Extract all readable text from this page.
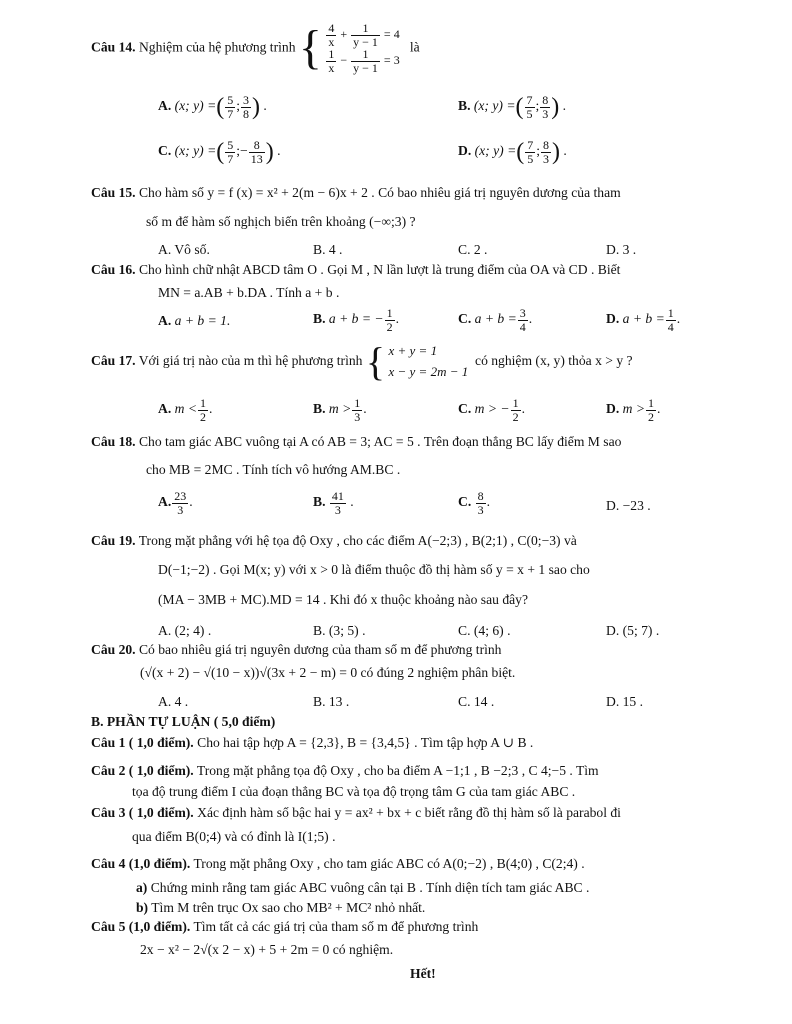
Câu 14. Nghiệm của hệ phương trình { $\frac{4}{x} + \frac{1}{y - 1} = 4$
$\frac{1}{x} - \frac{1}{y - 1} = 3$
là
A. (x; y) =( $\frac{5}{7}$ ; $\frac{3}{8}$ ) .	B. (x; y) =( $\frac{7}{5}$ ; $\frac{8}{3}$ ) .
C. (x; y) =( $\frac{5}{7}$ ;− $\frac{8}{13}$ ) .	D. (x; y) =( $\frac{7}{5}$ ; $\frac{8}{3}$ ) .
Câu 15. Cho hàm số y = f (x) = x² + 2(m − 6)x + 2 . Có bao nhiêu giá trị nguyên dương của tham
số m để hàm số nghịch biến trên khoảng (−∞;3) ?
A. Vô số.	B. 4 .	C. 2 .	D. 3 .
Câu 16. Cho hình chữ nhật ABCD tâm O . Gọi M , N lần lượt là trung điểm của OA và CD . Biết
MN = a.AB + b.DA . Tính a + b .
A. a + b = 1.	B. a + b = − $\frac{1}{2}$ .	C. $a + b = \frac{3}{4}$ .	D. $a + b = \frac{1}{4}$ .
Câu 17. Với giá trị nào của m thì hệ phương trình { x + y = 1
x − y = 2m − 1
có nghiệm (x, y) thỏa x > y ?
A. $m < \frac{1}{2}$ .	B. $m > \frac{1}{3}$ .	C. m > − $\frac{1}{2}$ .	D. $m > \frac{1}{2}$ .
Câu 18. Cho tam giác ABC vuông tại A có AB = 3; AC = 5 . Trên đoạn thẳng BC lấy điểm M sao
cho MB = 2MC . Tính tích vô hướng AM.BC .
A. $\frac{23}{3}$ .	B. $\frac{41}{3}$ .	C. $\frac{8}{3}$ .	D. −23 .
Câu 19. Trong mặt phẳng với hệ tọa độ Oxy , cho các điểm A(−2;3) , B(2;1) , C(0;−3) và
D(−1;−2) . Gọi M(x; y) với x > 0 là điểm thuộc đồ thị hàm số y = x + 1 sao cho
(MA − 3MB + MC).MD = 14 . Khi đó x thuộc khoảng nào sau đây?
A. (2; 4) .	B. (3; 5) .	C. (4; 6) .	D. (5; 7) .
Câu 20. Có bao nhiêu giá trị nguyên dương của tham số m để phương trình
(√(x + 2) − √(10 − x))√(3x + 2 − m) = 0 có đúng 2 nghiệm phân biệt.
A. 4 .	B. 13 .	C. 14 .	D. 15 .
B. PHẦN TỰ LUẬN ( 5,0 điểm)
Câu 1 ( 1,0 điểm). Cho hai tập hợp A = {2,3}, B = {3,4,5} . Tìm tập hợp A ∪ B .
Câu 2 ( 1,0 điểm). Trong mặt phẳng tọa độ Oxy , cho ba điểm A −1;1 , B −2;3 , C 4;−5 . Tìm
tọa độ trung điểm I của đoạn thẳng BC và tọa độ trọng tâm G của tam giác ABC .
Câu 3 ( 1,0 điểm). Xác định hàm số bậc hai y = ax² + bx + c biết rằng đồ thị hàm số là parabol đi
qua điểm B(0;4) và có đỉnh là I(1;5) .
Câu 4 (1,0 điểm). Trong mặt phẳng Oxy , cho tam giác ABC có A(0;−2) , B(4;0) , C(2;4) .
a) Chứng minh rằng tam giác ABC vuông cân tại B . Tính diện tích tam giác ABC .
b) Tìm M trên trục Ox sao cho MB² + MC² nhỏ nhất.
Câu 5 (1,0 điểm). Tìm tất cả các giá trị của tham số m để phương trình
2x − x² − 2√(x 2 − x) + 5 + 2m = 0 có nghiệm.
Hết!
